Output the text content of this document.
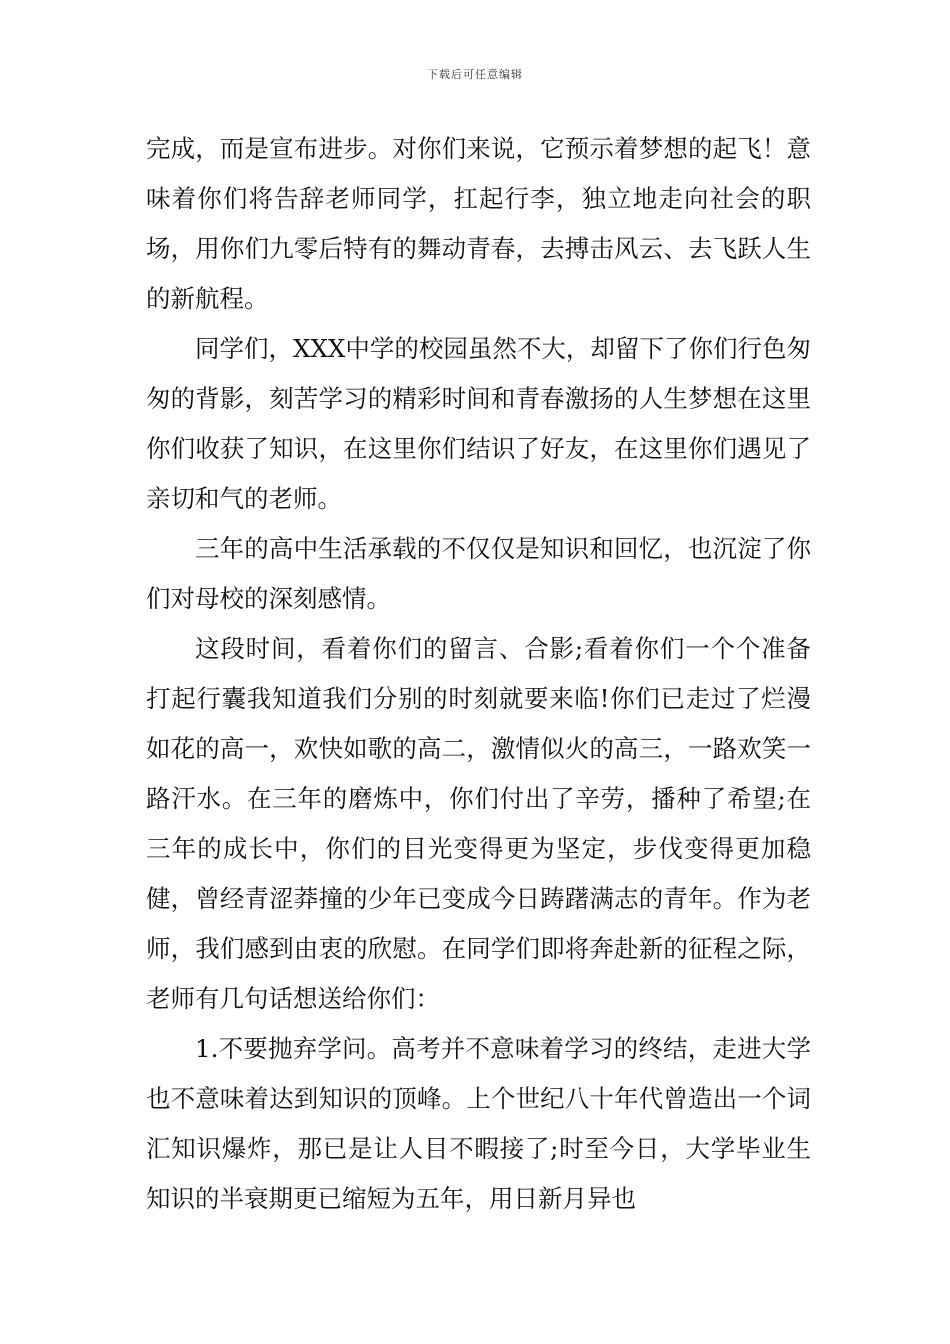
下载后可任意编辑

完成，而是宣布进步。对你们来说，它预示着梦想的起飞！意味着你们将告辞老师同学，扛起行李，独立地走向社会的职场，用你们九零后特有的舞动青春，去搏击风云、去飞跃人生的新航程。

同学们，XXX中学的校园虽然不大，却留下了你们行色匆匆的背影，刻苦学习的精彩时间和青春激扬的人生梦想在这里你们收获了知识，在这里你们结识了好友，在这里你们遇见了亲切和气的老师。

三年的高中生活承载的不仅仅是知识和回忆，也沉淀了你们对母校的深刻感情。

这段时间，看着你们的留言、合影;看着你们一个个准备打起行囊我知道我们分别的时刻就要来临!你们已走过了烂漫如花的高一，欢快如歌的高二，激情似火的高三，一路欢笑一路汗水。在三年的磨炼中，你们付出了辛劳，播种了希望;在三年的成长中，你们的目光变得更为坚定，步伐变得更加稳健，曾经青涩莽撞的少年已变成今日踌躇满志的青年。作为老师，我们感到由衷的欣慰。在同学们即将奔赴新的征程之际，老师有几句话想送给你们：

1.不要抛弃学问。高考并不意味着学习的终结，走进大学也不意味着达到知识的顶峰。上个世纪八十年代曾造出一个词汇知识爆炸，那已是让人目不暇接了;时至今日，大学毕业生知识的半衰期更已缩短为五年，用日新月异也
